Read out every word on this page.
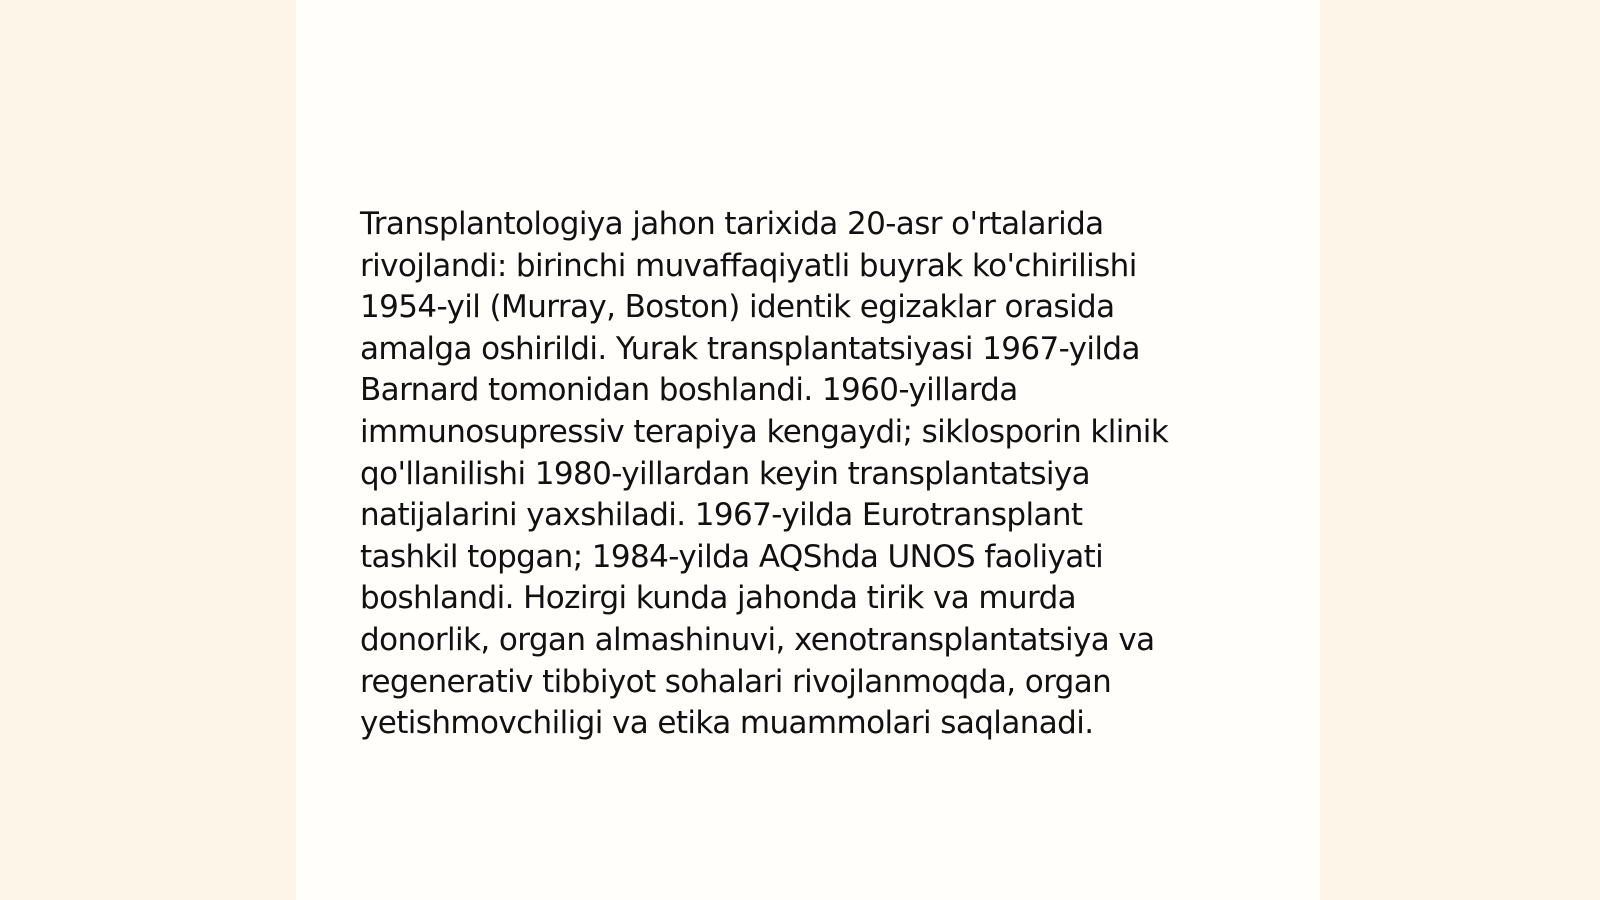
Transplantologiya jahon tarixida 20-asr o'rtalarida
rivojlandi: birinchi muvaffaqiyatli buyrak ko'chirilishi
1954-yil (Murray, Boston) identik egizaklar orasida
amalga oshirildi. Yurak transplantatsiyasi 1967-yilda
Barnard tomonidan boshlandi. 1960-yillarda
immunosupressiv terapiya kengaydi; siklosporin klinik
qo'llanilishi 1980-yillardan keyin transplantatsiya
natijalarini yaxshiladi. 1967-yilda Eurotransplant
tashkil topgan; 1984-yilda AQShda UNOS faoliyati
boshlandi. Hozirgi kunda jahonda tirik va murda
donorlik, organ almashinuvi, xenotransplantatsiya va
regenerativ tibbiyot sohalari rivojlanmoqda, organ
yetishmovchiligi va etika muammolari saqlanadi.
